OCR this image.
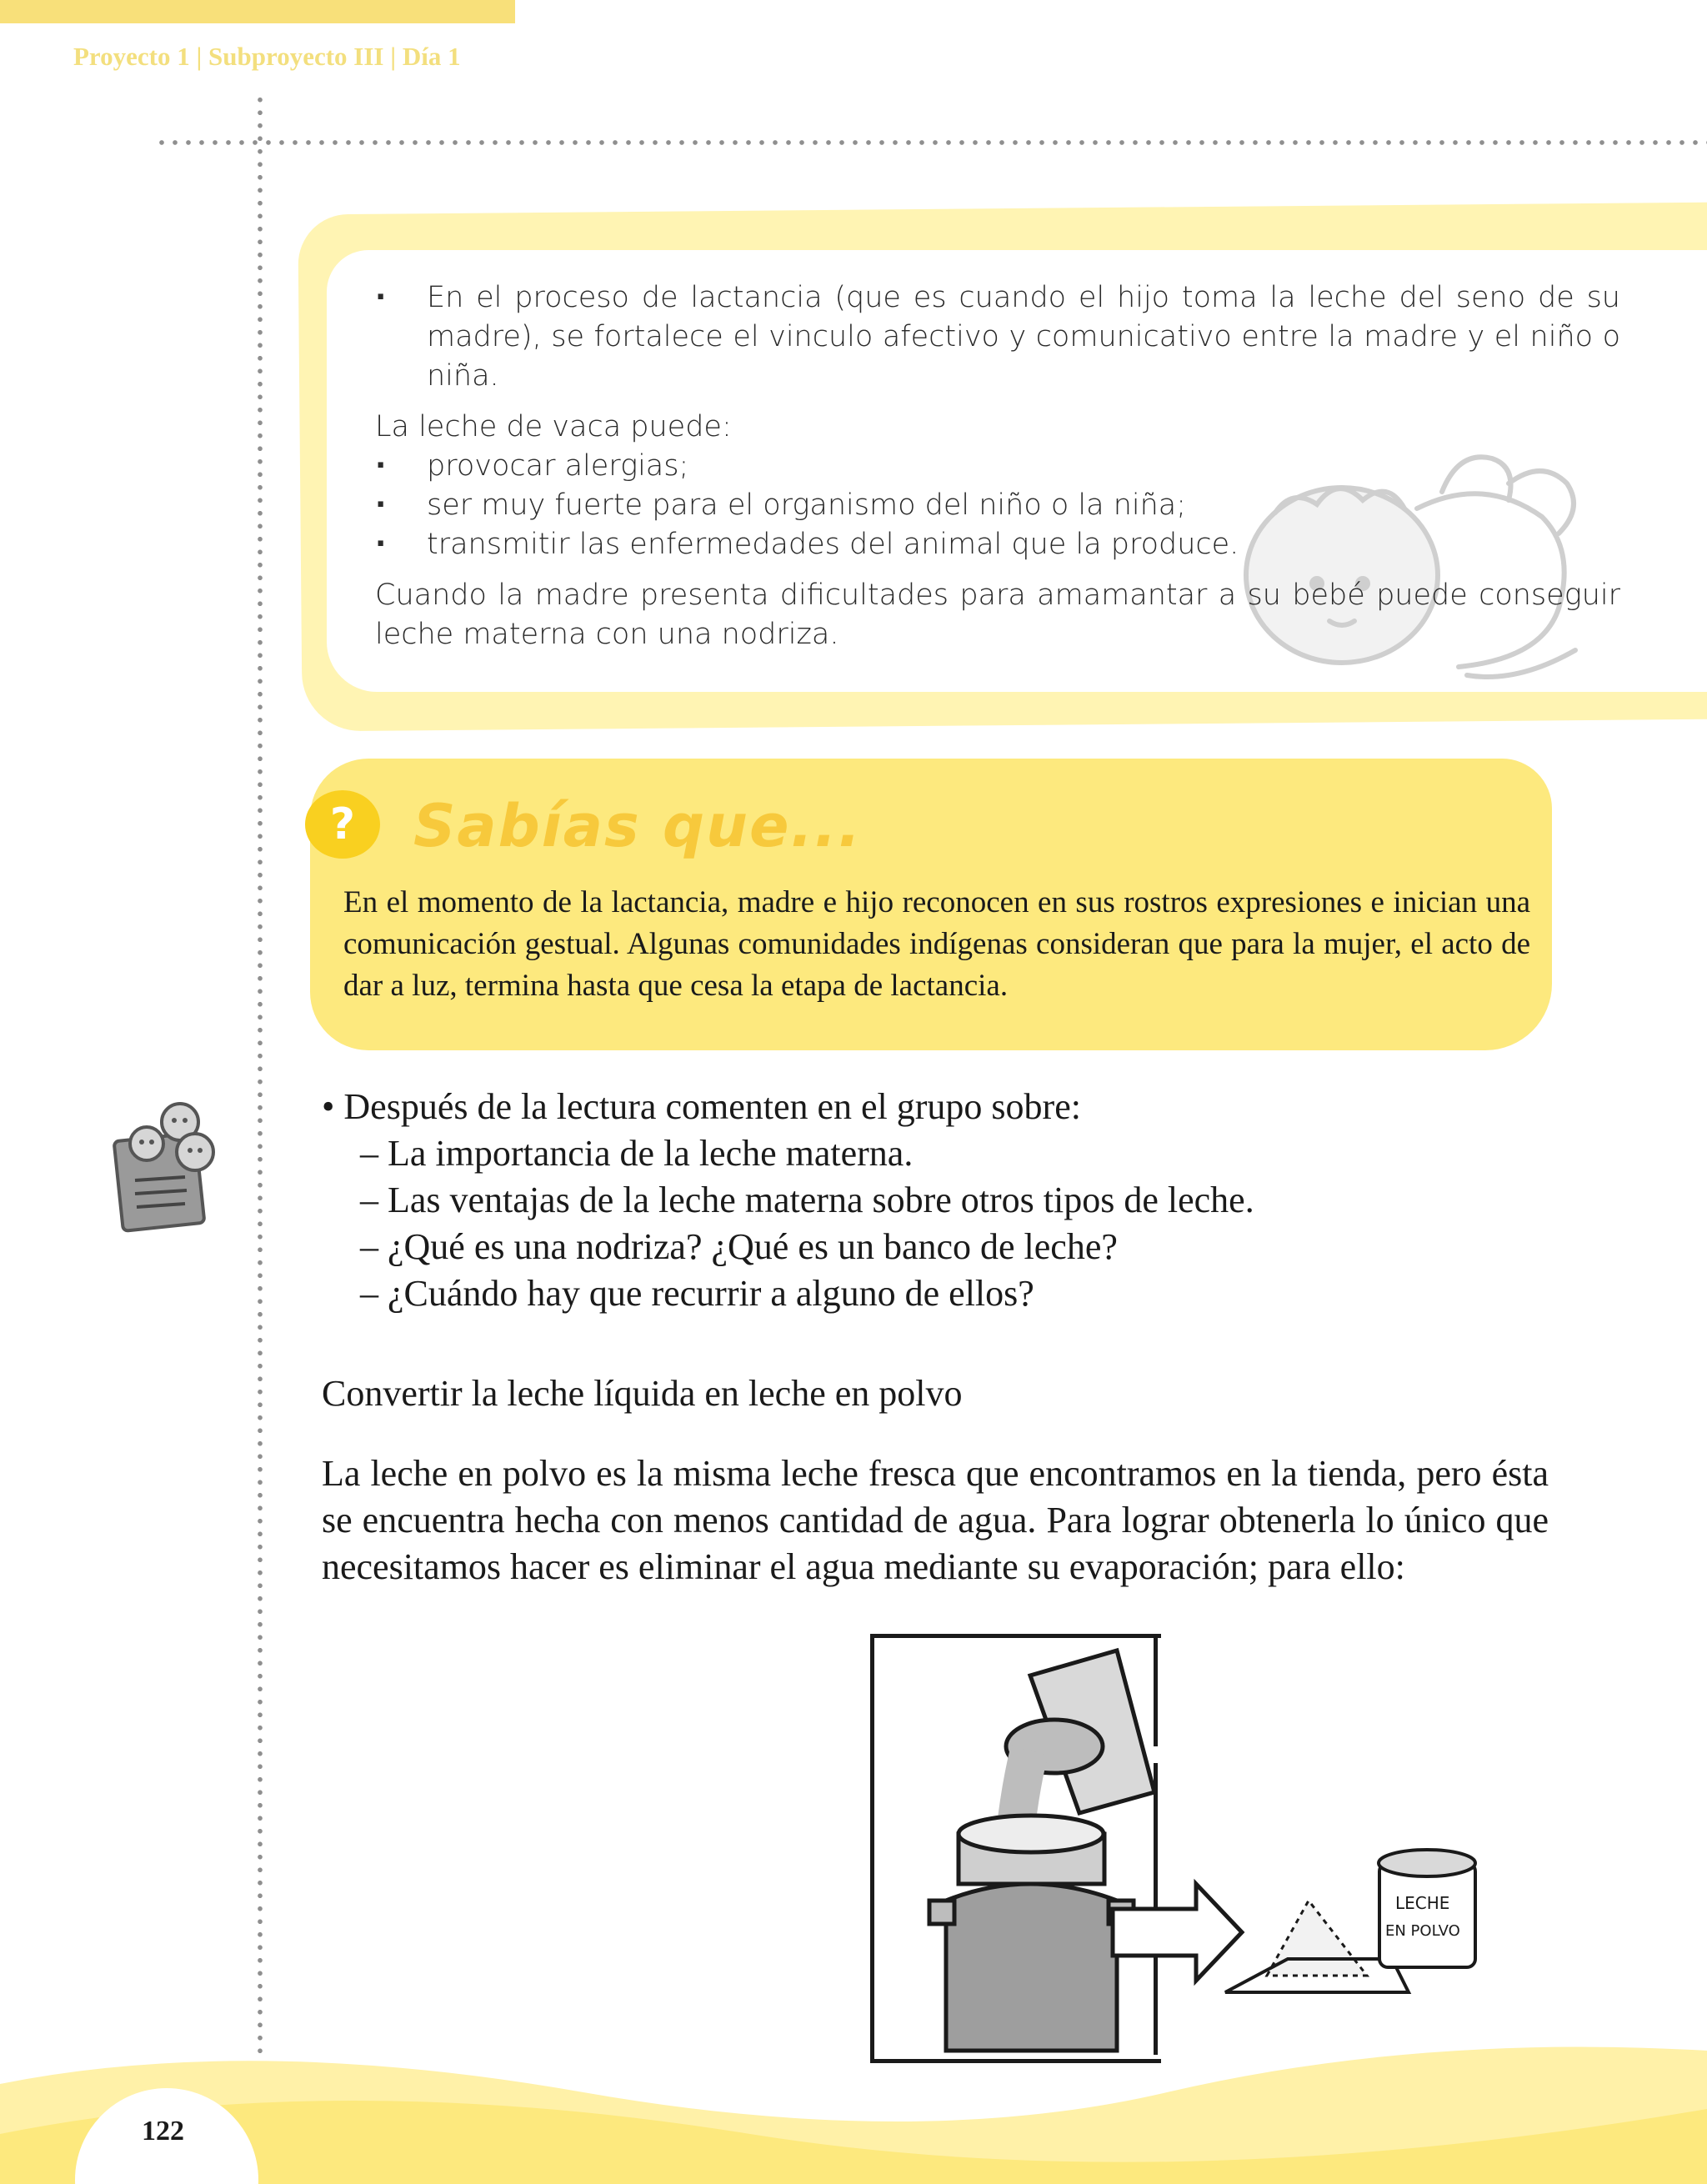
Proyecto 1 | Subproyecto III | Día 1

· En el proceso de lactancia (que es cuando el hijo toma la leche del seno de su madre), se fortalece el vinculo afectivo y comunicativo entre la madre y el niño o niña.

La leche de vaca puede:

· provocar alergias;

· ser muy fuerte para el organismo del niño o la niña;

· transmitir las enfermedades del animal que la produce.

Cuando la madre presenta dificultades para amamantar a su bebé puede conseguir leche materna con una nodriza.

? Sabías que...
En el momento de la lactancia, madre e hijo reconocen en sus rostros expresiones e inician una comunicación gestual. Algunas comunidades indígenas consideran que para la mujer, el acto de dar a luz, termina hasta que cesa la etapa de lactancia.
• Después de la lectura comenten en el grupo sobre:
– La importancia de la leche materna.
– Las ventajas de la leche materna sobre otros tipos de leche.
– ¿Qué es una nodriza? ¿Qué es un banco de leche?
– ¿Cuándo hay que recurrir a alguno de ellos?
Convertir la leche líquida en leche en polvo
La leche en polvo es la misma leche fresca que encontramos en la tienda, pero ésta se encuentra hecha con menos cantidad de agua. Para lograr obtenerla lo único que necesitamos hacer es eliminar el agua mediante su evaporación; para ello:
LECHE
EN POLVO
122
